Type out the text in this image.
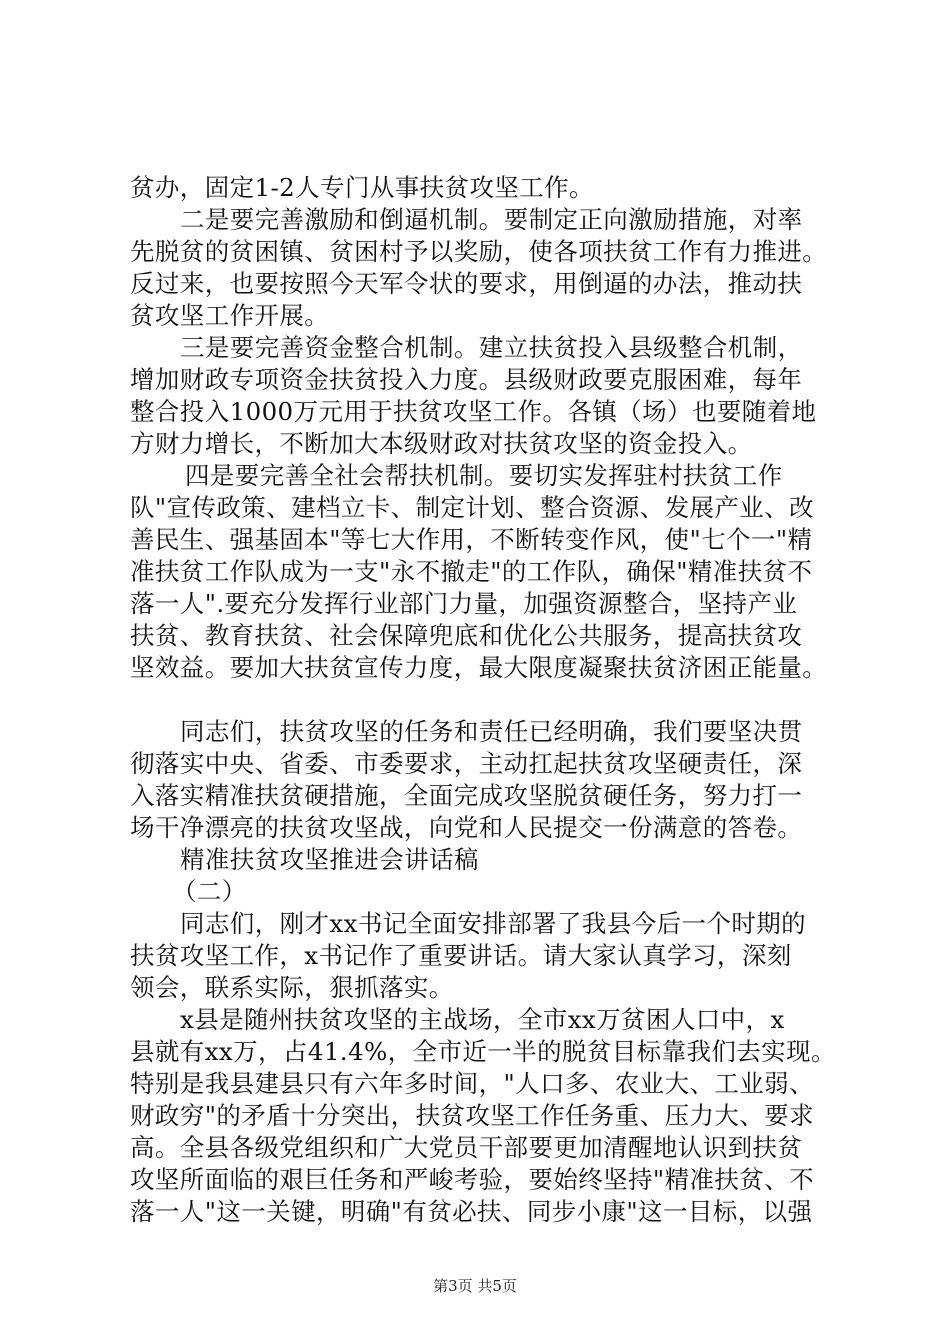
贫办，固定1-2人专门从事扶贫攻坚工作。
二是要完善激励和倒逼机制。要制定正向激励措施，对率
先脱贫的贫困镇、贫困村予以奖励，使各项扶贫工作有力推进。
反过来，也要按照今天军令状的要求，用倒逼的办法，推动扶
贫攻坚工作开展。
三是要完善资金整合机制。建立扶贫投入县级整合机制，
增加财政专项资金扶贫投入力度。县级财政要克服困难，每年
整合投入1000万元用于扶贫攻坚工作。各镇（场）也要随着地
方财力增长，不断加大本级财政对扶贫攻坚的资金投入。
四是要完善全社会帮扶机制。要切实发挥驻村扶贫工作
队"宣传政策、建档立卡、制定计划、整合资源、发展产业、改
善民生、强基固本"等七大作用，不断转变作风，使"七个一"精
准扶贫工作队成为一支"永不撤走"的工作队，确保"精准扶贫不
落一人".要充分发挥行业部门力量，加强资源整合，坚持产业
扶贫、教育扶贫、社会保障兜底和优化公共服务，提高扶贫攻
坚效益。要加大扶贫宣传力度，最大限度凝聚扶贫济困正能量。
同志们，扶贫攻坚的任务和责任已经明确，我们要坚决贯
彻落实中央、省委、市委要求，主动扛起扶贫攻坚硬责任，深
入落实精准扶贫硬措施，全面完成攻坚脱贫硬任务，努力打一
场干净漂亮的扶贫攻坚战，向党和人民提交一份满意的答卷。
精准扶贫攻坚推进会讲话稿
（二）
同志们，刚才xx书记全面安排部署了我县今后一个时期的
扶贫攻坚工作，x书记作了重要讲话。请大家认真学习，深刻
领会，联系实际，狠抓落实。
x县是随州扶贫攻坚的主战场，全市xx万贫困人口中，x
县就有xx万，占41.4%，全市近一半的脱贫目标靠我们去实现。
特别是我县建县只有六年多时间，"人口多、农业大、工业弱、
财政穷"的矛盾十分突出，扶贫攻坚工作任务重、压力大、要求
高。全县各级党组织和广大党员干部要更加清醒地认识到扶贫
攻坚所面临的艰巨任务和严峻考验，要始终坚持"精准扶贫、不
落一人"这一关键，明确"有贫必扶、同步小康"这一目标，以强
第3页 共5页
